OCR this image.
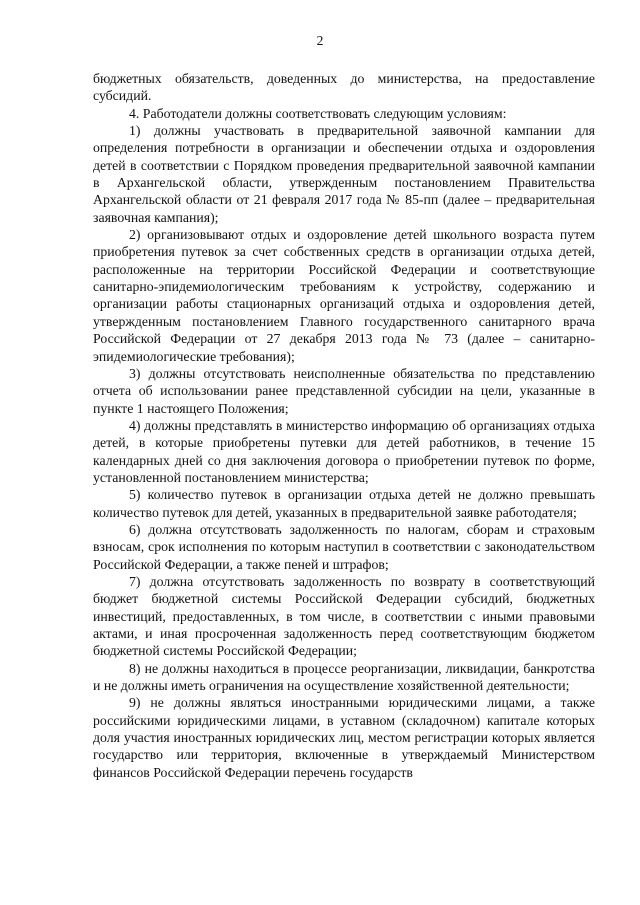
2

бюджетных обязательств, доведенных до министерства, на предоставление субсидий.

4. Работодатели должны соответствовать следующим условиям:

1) должны участвовать в предварительной заявочной кампании для определения потребности в организации и обеспечении отдыха и оздоровления детей в соответствии с Порядком проведения предварительной заявочной кампании в Архангельской области, утвержденным постановлением Правительства Архангельской области от 21 февраля 2017 года № 85-пп (далее – предварительная заявочная кампания);

2) организовывают отдых и оздоровление детей школьного возраста путем приобретения путевок за счет собственных средств в организации отдыха детей, расположенные на территории Российской Федерации и соответствующие санитарно-эпидемиологическим требованиям к устройству, содержанию и организации работы стационарных организаций отдыха и оздоровления детей, утвержденным постановлением Главного государственного санитарного врача Российской Федерации от 27 декабря 2013 года № 73 (далее – санитарно-эпидемиологические требования);

3) должны отсутствовать неисполненные обязательства по представлению отчета об использовании ранее представленной субсидии на цели, указанные в пункте 1 настоящего Положения;

4) должны представлять в министерство информацию об организациях отдыха детей, в которые приобретены путевки для детей работников, в течение 15 календарных дней со дня заключения договора о приобретении путевок по форме, установленной постановлением министерства;

5) количество путевок в организации отдыха детей не должно превышать количество путевок для детей, указанных в предварительной заявке работодателя;

6) должна отсутствовать задолженность по налогам, сборам и страховым взносам, срок исполнения по которым наступил в соответствии с законодательством Российской Федерации, а также пеней и штрафов;

7) должна отсутствовать задолженность по возврату в соответствующий бюджет бюджетной системы Российской Федерации субсидий, бюджетных инвестиций, предоставленных, в том числе, в соответствии с иными правовыми актами, и иная просроченная задолженность перед соответствующим бюджетом бюджетной системы Российской Федерации;

8) не должны находиться в процессе реорганизации, ликвидации, банкротства и не должны иметь ограничения на осуществление хозяйственной деятельности;

9) не должны являться иностранными юридическими лицами, а также российскими юридическими лицами, в уставном (складочном) капитале которых доля участия иностранных юридических лиц, местом регистрации которых является государство или территория, включенные в утверждаемый Министерством финансов Российской Федерации перечень государств
